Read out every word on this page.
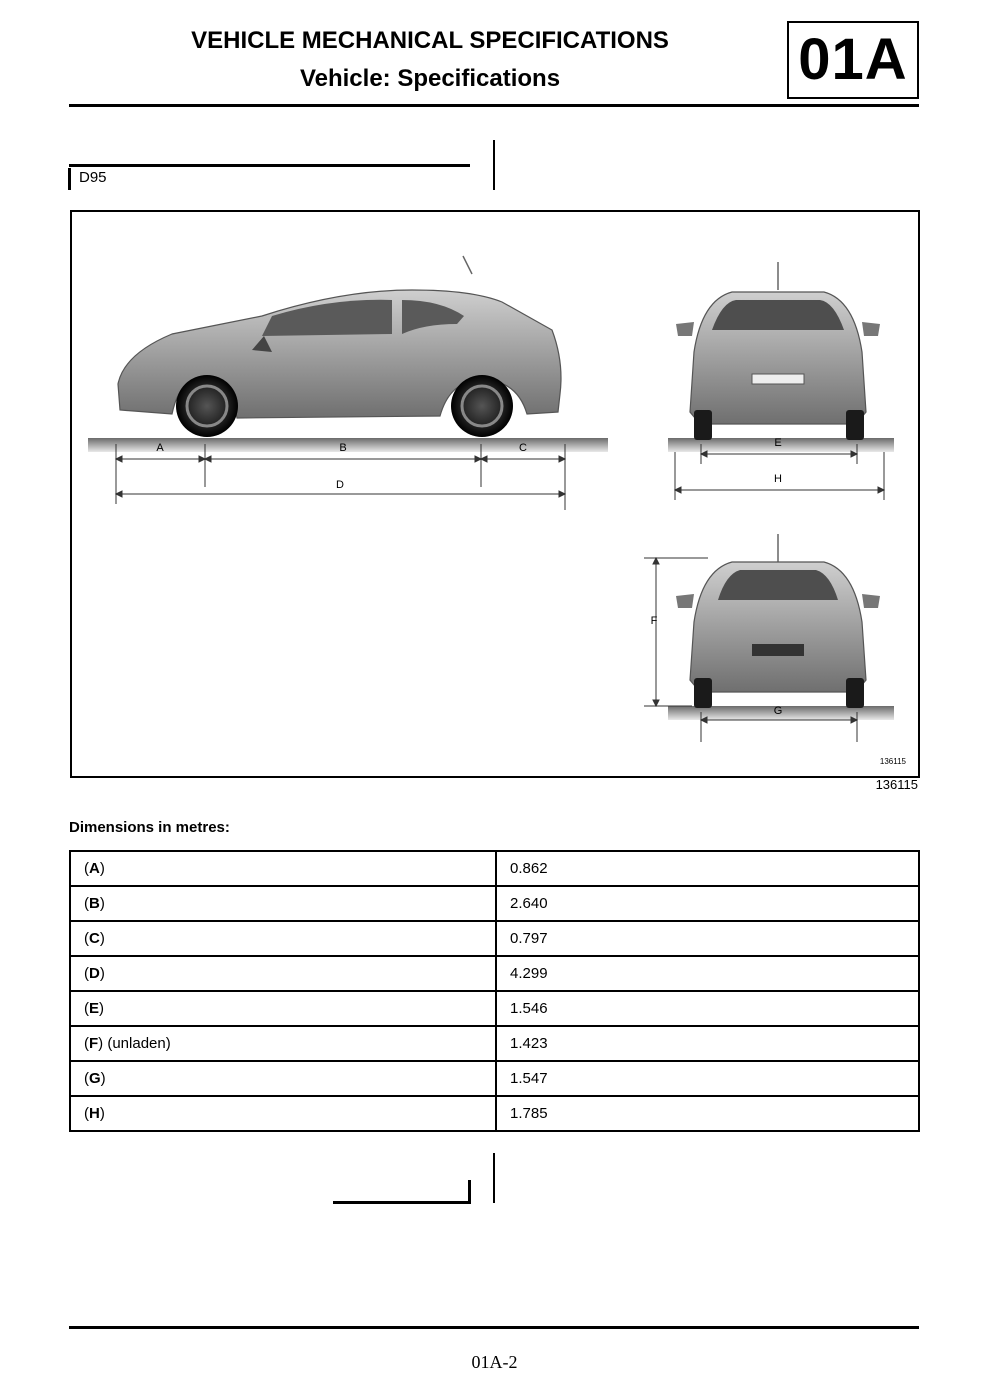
VEHICLE MECHANICAL SPECIFICATIONS
Vehicle: Specifications	01A
D95
A	B	C
D
E
H
F
G
136115
136115
Dimensions in metres:
(A)	0.862
(B)	2.640
(C)	0.797
(D)	4.299
(E)	1.546
(F) (unladen)	1.423
(G)	1.547
(H)	1.785
01A-2
